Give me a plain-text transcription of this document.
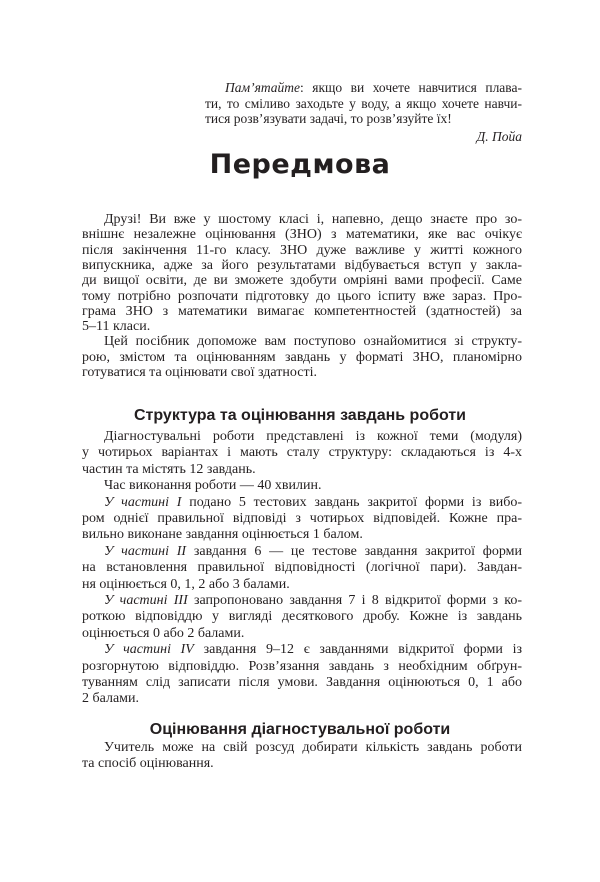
Пам’ятайте: якщо ви хочете навчитися плава-
ти, то сміливо заходьте у воду, а якщо хочете навчи-
тися розв’язувати задачі, то розв’язуйте їх!
Д. Пойа
Передмова
Друзі! Ви вже у шостому класі і, напевно, дещо знаєте про зо-
внішнє незалежне оцінювання (ЗНО) з математики, яке вас очікує
після закінчення 11-го класу. ЗНО дуже важливе у житті кожного
випускника, адже за його результатами відбувається вступ у закла-
ди вищої освіти, де ви зможете здобути омріяні вами професії. Саме
тому потрібно розпочати підготовку до цього іспиту вже зараз. Про-
грама ЗНО з математики вимагає компетентностей (здатностей) за
5–11 класи.
Цей посібник допоможе вам поступово ознайомитися зі структу-
рою, змістом та оцінюванням завдань у форматі ЗНО, планомірно
готуватися та оцінювати свої здатності.
Структура та оцінювання завдань роботи
Діагностувальні роботи представлені із кожної теми (модуля)
у чотирьох варіантах і мають сталу структуру: складаються із 4-х
частин та містять 12 завдань.
Час виконання роботи — 40 хвилин.
У частині I подано 5 тестових завдань закритої форми із вибо-
ром однієї правильної відповіді з чотирьох відповідей. Кожне пра-
вильно виконане завдання оцінюється 1 балом.
У частині II завдання 6 — це тестове завдання закритої форми
на встановлення правильної відповідності (логічної пари). Завдан-
ня оцінюється 0, 1, 2 або 3 балами.
У частині III запропоновано завдання 7 і 8 відкритої форми з ко-
роткою відповіддю у вигляді десяткового дробу. Кожне із завдань
оцінюється 0 або 2 балами.
У частині IV завдання 9–12 є завданнями відкритої форми із
розгорнутою відповіддю. Розв’язання завдань з необхідним обґрун-
туванням слід записати після умови. Завдання оцінюються 0, 1 або
2 балами.
Оцінювання діагностувальної роботи
Учитель може на свій розсуд добирати кількість завдань роботи
та спосіб оцінювання.
